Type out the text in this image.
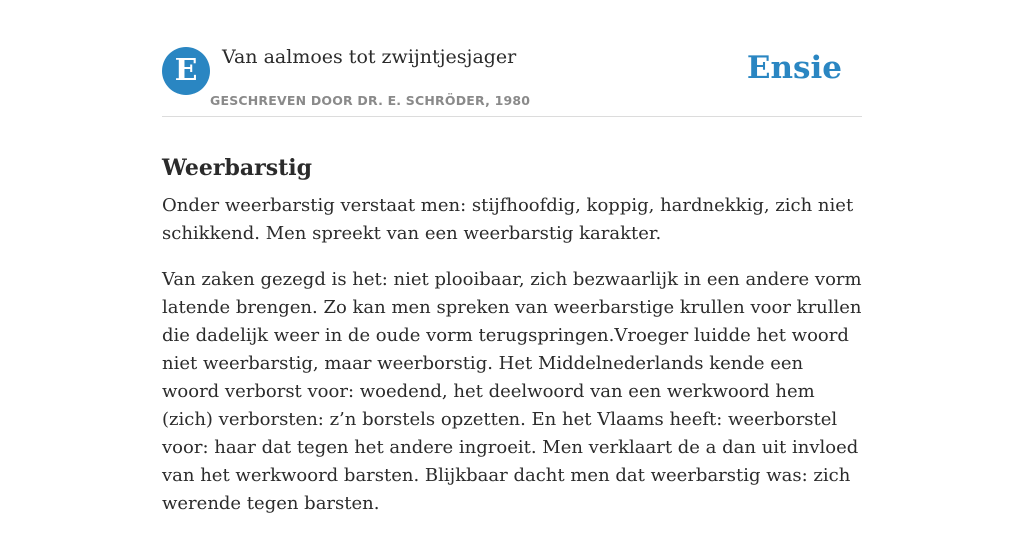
E	Van aalmoes tot zwijntjesjager
GESCHREVEN DOOR DR. E. SCHRÖDER, 1980
Ensie
Weerbarstig

Onder weerbarstig verstaat men: stijfhoofdig, koppig, hardnekkig, zich niet schikkend. Men spreekt van een weerbarstig karakter.

Van zaken gezegd is het: niet plooibaar, zich bezwaarlijk in een andere vorm latende brengen. Zo kan men spreken van weerbarstige krullen voor krullen die dadelijk weer in de oude vorm terugspringen.Vroeger luidde het woord niet weerbarstig, maar weerborstig. Het Middelnederlands kende een woord verborst voor: woedend, het deelwoord van een werkwoord hem (zich) verborsten: z’n borstels opzetten. En het Vlaams heeft: weerborstel voor: haar dat tegen het andere ingroeit. Men verklaart de a dan uit invloed van het werkwoord barsten. Blijkbaar dacht men dat weerbarstig was: zich werende tegen barsten.
